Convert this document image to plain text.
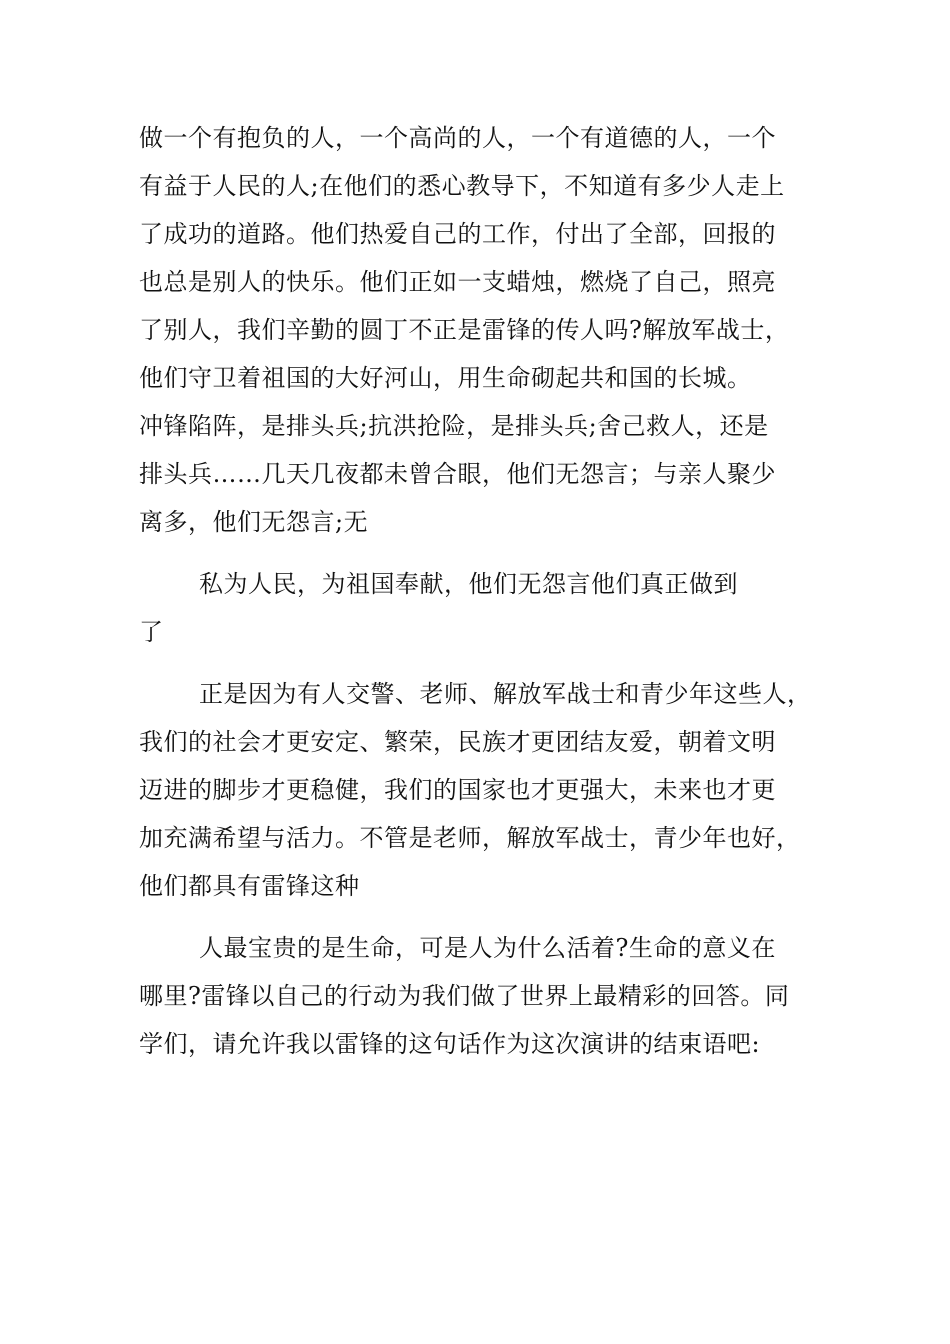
做一个有抱负的人，一个高尚的人，一个有道德的人，一个
有益于人民的人;在他们的悉心教导下，不知道有多少人走上
了成功的道路。他们热爱自己的工作，付出了全部，回报的
也总是别人的快乐。他们正如一支蜡烛，燃烧了自己，照亮
了别人，我们辛勤的圆丁不正是雷锋的传人吗?解放军战士，
他们守卫着祖国的大好河山，用生命砌起共和国的长城。
冲锋陷阵，是排头兵;抗洪抢险，是排头兵;舍己救人，还是
排头兵……几天几夜都未曾合眼，他们无怨言；与亲人聚少
离多，他们无怨言;无
私为人民，为祖国奉献，他们无怨言他们真正做到
了
正是因为有人交警、老师、解放军战士和青少年这些人，
我们的社会才更安定、繁荣，民族才更团结友爱，朝着文明
迈进的脚步才更稳健，我们的国家也才更强大，未来也才更
加充满希望与活力。不管是老师，解放军战士，青少年也好，
他们都具有雷锋这种
人最宝贵的是生命，可是人为什么活着?生命的意义在
哪里?雷锋以自己的行动为我们做了世界上最精彩的回答。同
学们，请允许我以雷锋的这句话作为这次演讲的结束语吧:
